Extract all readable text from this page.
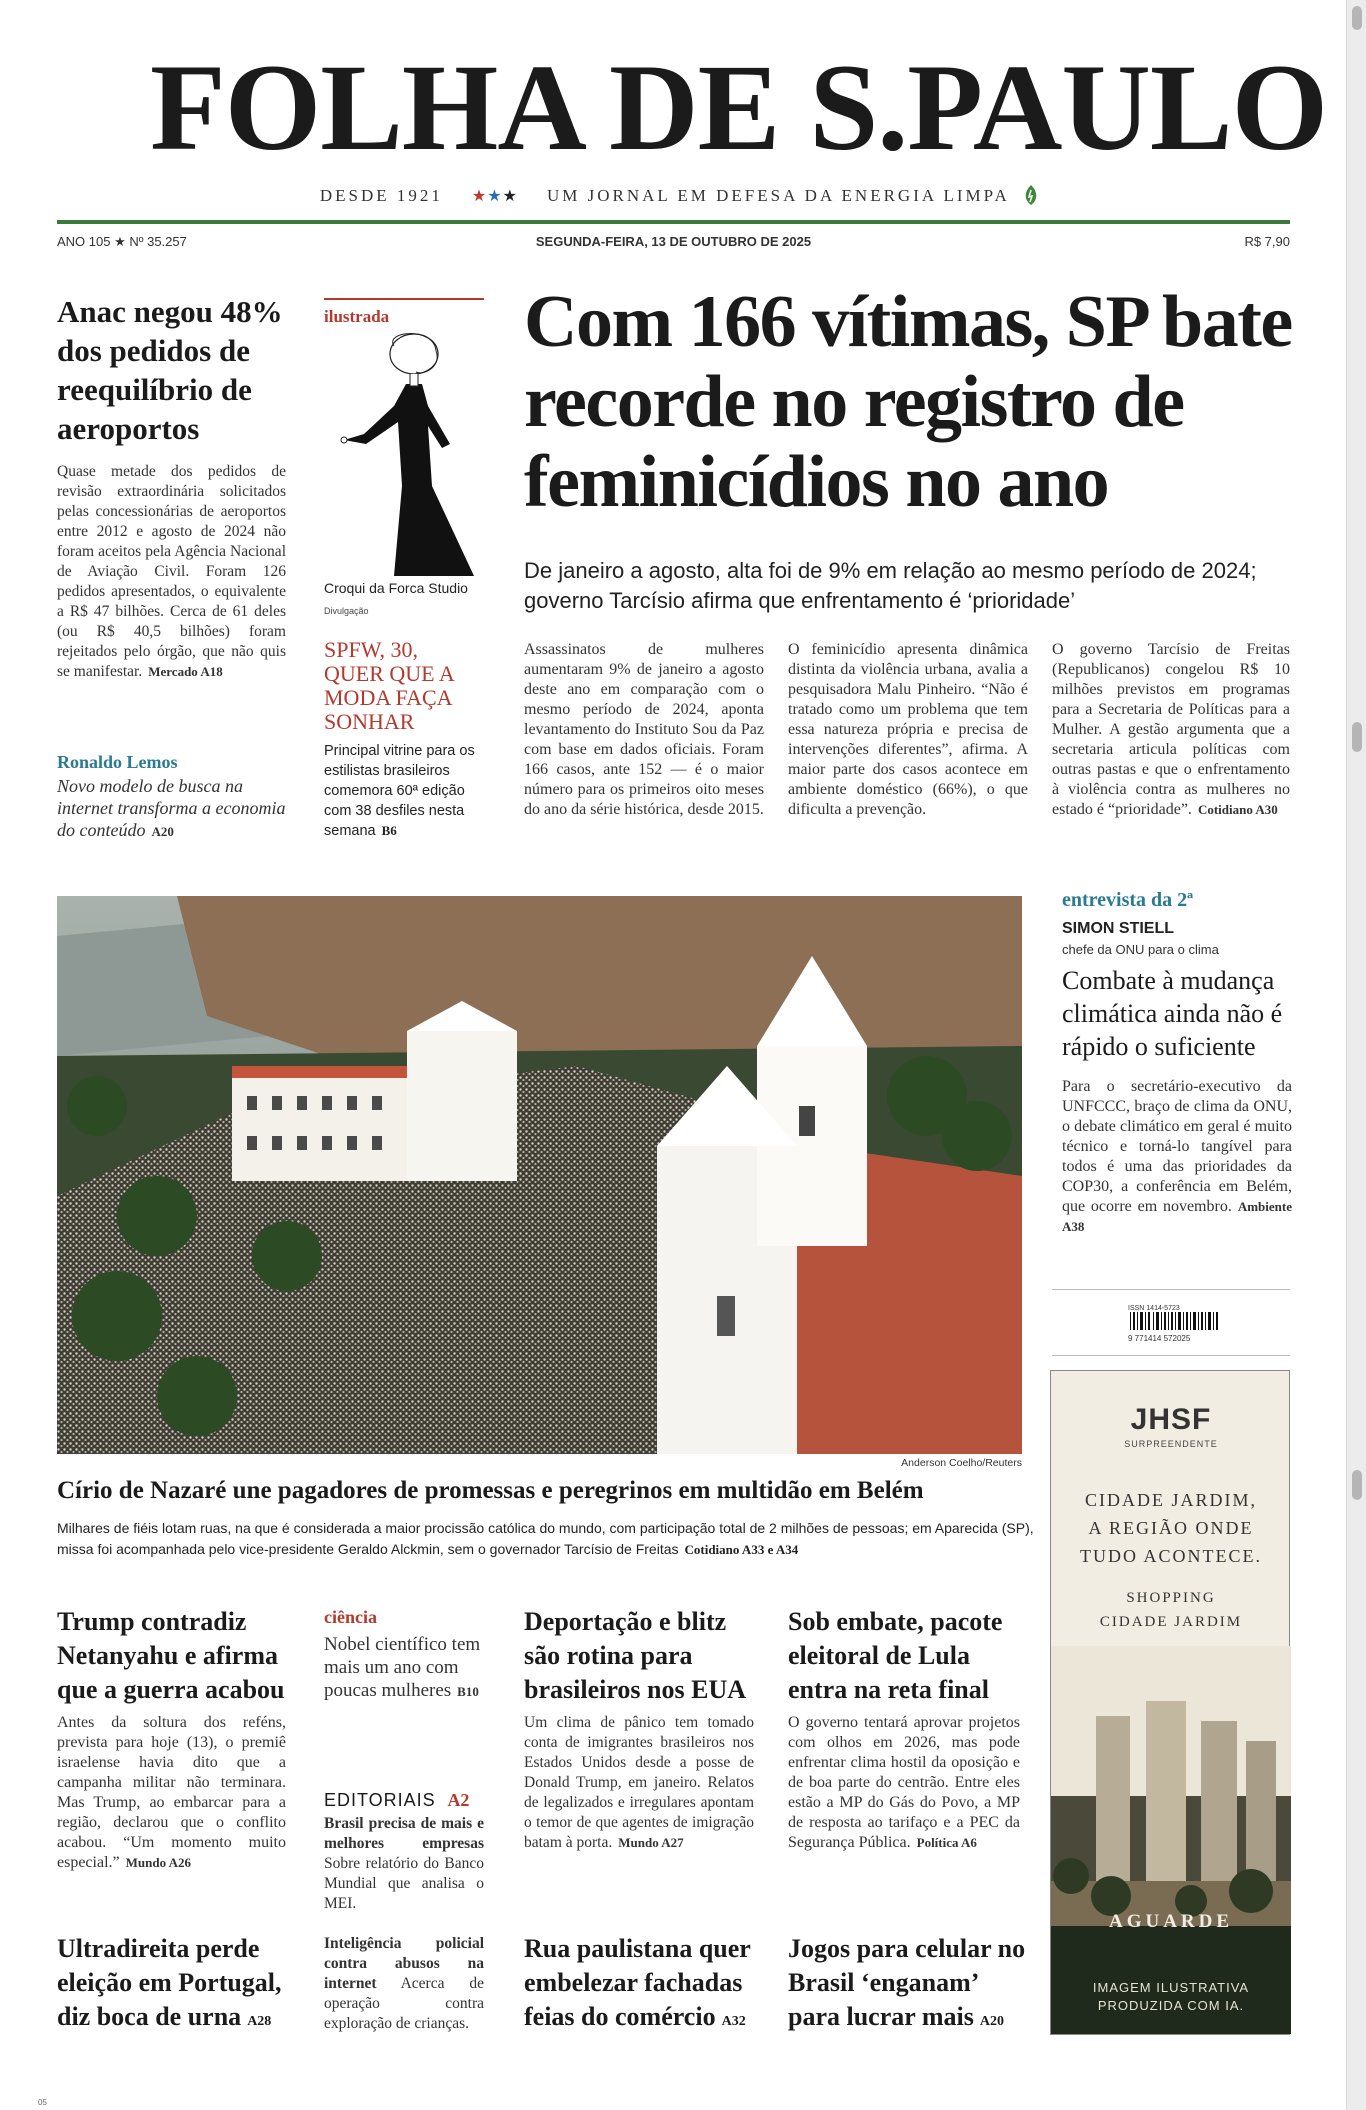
FOLHA DE S.PAULO
DESDE 1921 ★★★ UM JORNAL EM DEFESA DA ENERGIA LIMPA
ANO 105 ★ Nº 35.257	SEGUNDA-FEIRA, 13 DE OUTUBRO DE 2025	R$ 7,90
Anac negou 48% dos pedidos de reequilíbrio de aeroportos
Quase metade dos pedidos de revisão extraordinária solicitados pelas concessionárias de aeroportos entre 2012 e agosto de 2024 não foram aceitos pela Agência Nacional de Aviação Civil. Foram 126 pedidos apresentados, o equivalente a R$ 47 bilhões. Cerca de 61 deles (ou R$ 40,5 bilhões) foram rejeitados pelo órgão, que não quis se manifestar. Mercado A18
Ronaldo Lemos
Novo modelo de busca na internet transforma a economia do conteúdo A20
ilustrada
Croqui da Forca Studio
Divulgação
SPFW, 30, QUER QUE A MODA FAÇA SONHAR
Principal vitrine para os estilistas brasileiros comemora 60ª edição com 38 desfiles nesta semana B6
Com 166 vítimas, SP bate recorde no registro de feminicídios no ano
De janeiro a agosto, alta foi de 9% em relação ao mesmo período de 2024; governo Tarcísio afirma que enfrentamento é ‘prioridade’
Assassinatos de mulheres aumentaram 9% de janeiro a agosto deste ano em comparação com o mesmo período de 2024, aponta levantamento do Instituto Sou da Paz com base em dados oficiais. Foram 166 casos, ante 152 — é o maior número para os primeiros oito meses do ano da série histórica, desde 2015.
O feminicídio apresenta dinâmica distinta da violência urbana, avalia a pesquisadora Malu Pinheiro. “Não é tratado como um problema que tem essa natureza própria e precisa de intervenções diferentes”, afirma. A maior parte dos casos acontece em ambiente doméstico (66%), o que dificulta a prevenção.
O governo Tarcísio de Freitas (Republicanos) congelou R$ 10 milhões previstos em programas para a Secretaria de Políticas para a Mulher. A gestão argumenta que a secretaria articula políticas com outras pastas e que o enfrentamento à violência contra as mulheres no estado é “prioridade”. Cotidiano A30
Anderson Coelho/Reuters
Círio de Nazaré une pagadores de promessas e peregrinos em multidão em Belém
Milhares de fiéis lotam ruas, na que é considerada a maior procissão católica do mundo, com participação total de 2 milhões de pessoas; em Aparecida (SP), missa foi acompanhada pelo vice-presidente Geraldo Alckmin, sem o governador Tarcísio de Freitas Cotidiano A33 e A34
entrevista da 2ª
SIMON STIELL
chefe da ONU para o clima
Combate à mudança climática ainda não é rápido o suficiente
Para o secretário-executivo da UNFCCC, braço de clima da ONU, o debate climático em geral é muito técnico e torná-lo tangível para todos é uma das prioridades da COP30, a conferência em Belém, que ocorre em novembro. Ambiente A38
ISSN 1414-5723
9 771414 572025
JHSF
SURPREENDENTE
CIDADE JARDIM,
A REGIÃO ONDE
TUDO ACONTECE.
SHOPPING
CIDADE JARDIM
AGUARDE
IMAGEM ILUSTRATIVA
PRODUZIDA COM IA.
Trump contradiz Netanyahu e afirma que a guerra acabou
Antes da soltura dos reféns, prevista para hoje (13), o premiê israelense havia dito que a campanha militar não terminara. Mas Trump, ao embarcar para a região, declarou que o conflito acabou. “Um momento muito especial.” Mundo A26
ciência
Nobel científico tem mais um ano com poucas mulheres B10
EDITORIAIS A2
Brasil precisa de mais e melhores empresas Sobre relatório do Banco Mundial que analisa o MEI.
Inteligência policial contra abusos na internet Acerca de operação contra exploração de crianças.
Deportação e blitz são rotina para brasileiros nos EUA
Um clima de pânico tem tomado conta de imigrantes brasileiros nos Estados Unidos desde a posse de Donald Trump, em janeiro. Relatos de legalizados e irregulares apontam o temor de que agentes de imigração batam à porta. Mundo A27
Sob embate, pacote eleitoral de Lula entra na reta final
O governo tentará aprovar projetos com olhos em 2026, mas pode enfrentar clima hostil da oposição e de boa parte do centrão. Entre eles estão a MP do Gás do Povo, a MP de resposta ao tarifaço e a PEC da Segurança Pública. Política A6
Ultradireita perde eleição em Portugal, diz boca de urna A28
Rua paulistana quer embelezar fachadas feias do comércio A32
Jogos para celular no Brasil ‘enganam’ para lucrar mais A20
05
